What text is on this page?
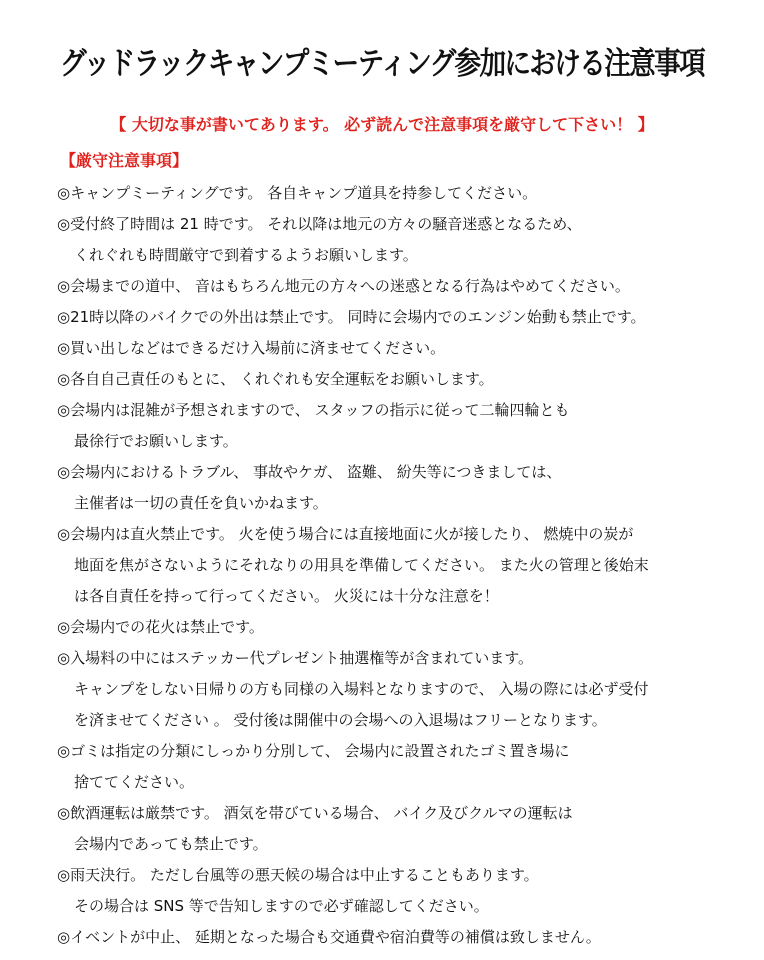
グッドラックキャンプミーティング参加における注意事項
【 大切な事が書いてあります。 必ず読んで注意事項を厳守して下さい！ 】
【厳守注意事項】
◎キャンプミーティングです。 各自キャンプ道具を持参してください。
◎受付終了時間は 21 時です。 それ以降は地元の方々の騒音迷惑となるため、
くれぐれも時間厳守で到着するようお願いします。
◎会場までの道中、 音はもちろん地元の方々への迷惑となる行為はやめてください。
◎21時以降のバイクでの外出は禁止です。 同時に会場内でのエンジン始動も禁止です。
◎買い出しなどはできるだけ入場前に済ませてください。
◎各自自己責任のもとに、 くれぐれも安全運転をお願いします。
◎会場内は混雑が予想されますので、 スタッフの指示に従って二輪四輪とも
最徐行でお願いします。
◎会場内におけるトラブル、 事故やケガ、 盗難、 紛失等につきましては、
主催者は一切の責任を負いかねます。
◎会場内は直火禁止です。 火を使う場合には直接地面に火が接したり、 燃焼中の炭が
地面を焦がさないようにそれなりの用具を準備してください。 また火の管理と後始末
は各自責任を持って行ってください。 火災には十分な注意を！
◎会場内での花火は禁止です。
◎入場料の中にはステッカー代プレゼント抽選権等が含まれています。
キャンプをしない日帰りの方も同様の入場料となりますので、 入場の際には必ず受付
を済ませてください 。 受付後は開催中の会場への入退場はフリーとなります。
◎ゴミは指定の分類にしっかり分別して、 会場内に設置されたゴミ置き場に
捨ててください。
◎飲酒運転は厳禁です。 酒気を帯びている場合、 バイク及びクルマの運転は
会場内であっても禁止です。
◎雨天決行。 ただし台風等の悪天候の場合は中止することもあります。
その場合は SNS 等で告知しますので必ず確認してください。
◎イベントが中止、 延期となった場合も交通費や宿泊費等の補償は致しません。
